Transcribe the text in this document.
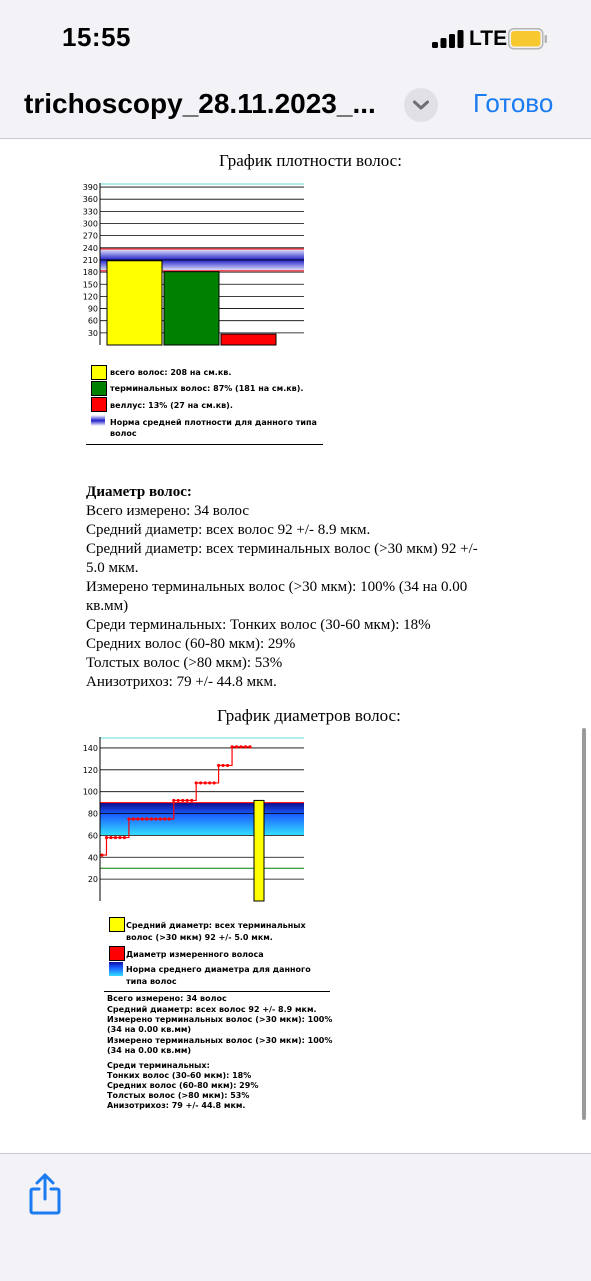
15:55	LTE
trichoscopy_28.11.2023_...	Готово
График плотности волос:
30
60
90
120
150
180
210
240
270
300
330
360
390
всего волос: 208 на см.кв.
терминальных волос: 87% (181 на см.кв).
веллус: 13% (27 на см.кв).
Норма средней плотности для данного типа
волос
Диаметр волос:
Всего измерено: 34 волос
Средний диаметр: всех волос 92 +/- 8.9 мкм.
Средний диаметр: всех терминальных волос (>30 мкм) 92 +/-
5.0 мкм.
Измерено терминальных волос (>30 мкм): 100% (34 на 0.00
кв.мм)
Среди терминальных: Тонких волос (30-60 мкм): 18%
Средних волос (60-80 мкм): 29%
Толстых волос (>80 мкм): 53%
Анизотрихоз: 79 +/- 44.8 мкм.
График диаметров волос:
20
40
60
80
100
120
140
Средний диаметр: всех терминальных
волос (>30 мкм) 92 +/- 5.0 мкм.
Диаметр измеренного волоса
Норма среднего диаметра для данного
типа волос
Всего измерено: 34 волос
Средний диаметр: всех волос 92 +/- 8.9 мкм.
Измерено терминальных волос (>30 мкм): 100%
(34 на 0.00 кв.мм)
Измерено терминальных волос (>30 мкм): 100%
(34 на 0.00 кв.мм)
Среди терминальных:
Тонких волос (30-60 мкм): 18%
Средних волос (60-80 мкм): 29%
Толстых волос (>80 мкм): 53%
Анизотрихоз: 79 +/- 44.8 мкм.
